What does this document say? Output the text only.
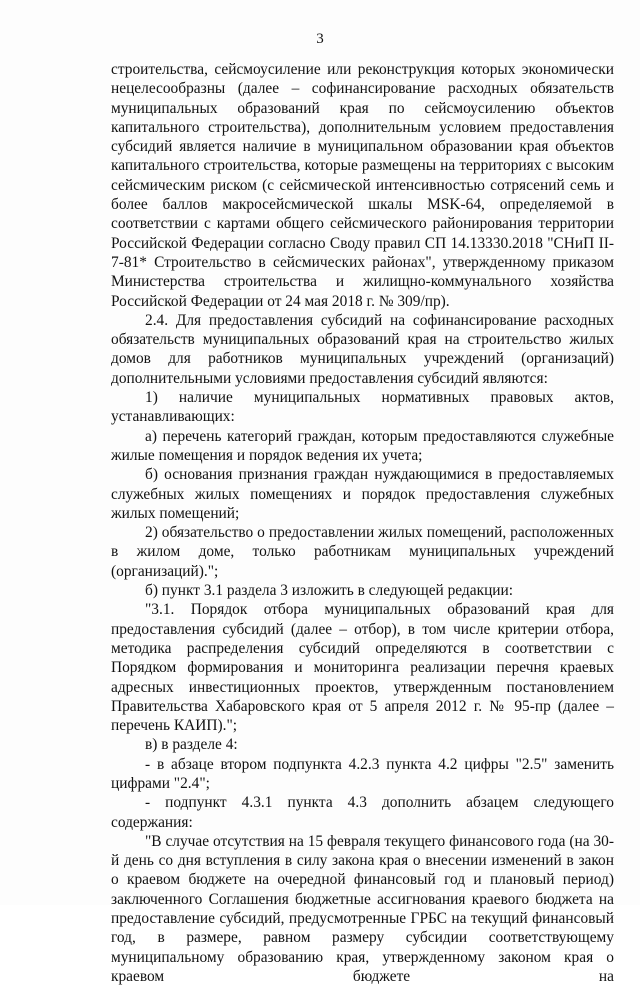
3

строительства, сейсмоусиление или реконструкция которых экономически нецелесообразны (далее – софинансирование расходных обязательств муниципальных образований края по сейсмоусилению объектов капитального строительства), дополнительным условием предоставления субсидий является наличие в муниципальном образовании края объектов капитального строительства, которые размещены на территориях с высоким сейсмическим риском (с сейсмической интенсивностью сотрясений семь и более баллов макросейсмической шкалы MSK-64, определяемой в соответствии с картами общего сейсмического районирования территории Российской Федерации согласно Своду правил СП 14.13330.2018 "СНиП II-7-81* Строительство в сейсмических районах", утвержденному приказом Министерства строительства и жилищно-коммунального хозяйства Российской Федерации от 24 мая 2018 г. № 309/пр).

2.4. Для предоставления субсидий на софинансирование расходных обязательств муниципальных образований края на строительство жилых домов для работников муниципальных учреждений (организаций) дополнительными условиями предоставления субсидий являются:

1) наличие муниципальных нормативных правовых актов, устанавливающих:

а) перечень категорий граждан, которым предоставляются служебные жилые помещения и порядок ведения их учета;

б) основания признания граждан нуждающимися в предоставляемых служебных жилых помещениях и порядок предоставления служебных жилых помещений;

2) обязательство о предоставлении жилых помещений, расположенных в жилом доме, только работникам муниципальных учреждений (организаций).";

б) пункт 3.1 раздела 3 изложить в следующей редакции:

"3.1. Порядок отбора муниципальных образований края для предоставления субсидий (далее – отбор), в том числе критерии отбора, методика распределения субсидий определяются в соответствии с Порядком формирования и мониторинга реализации перечня краевых адресных инвестиционных проектов, утвержденным постановлением Правительства Хабаровского края от 5 апреля 2012 г. № 95-пр (далее – перечень КАИП).";

в) в разделе 4:

- в абзаце втором подпункта 4.2.3 пункта 4.2 цифры "2.5" заменить цифрами "2.4";

- подпункт 4.3.1 пункта 4.3 дополнить абзацем следующего содержания:

"В случае отсутствия на 15 февраля текущего финансового года (на 30-й день со дня вступления в силу закона края о внесении изменений в закон о краевом бюджете на очередной финансовый год и плановый период) заключенного Соглашения бюджетные ассигнования краевого бюджета на предоставление субсидий, предусмотренные ГРБС на текущий финансовый год, в размере, равном размеру субсидии соответствующему муниципальному образованию края, утвержденному законом края о краевом бюджете на
